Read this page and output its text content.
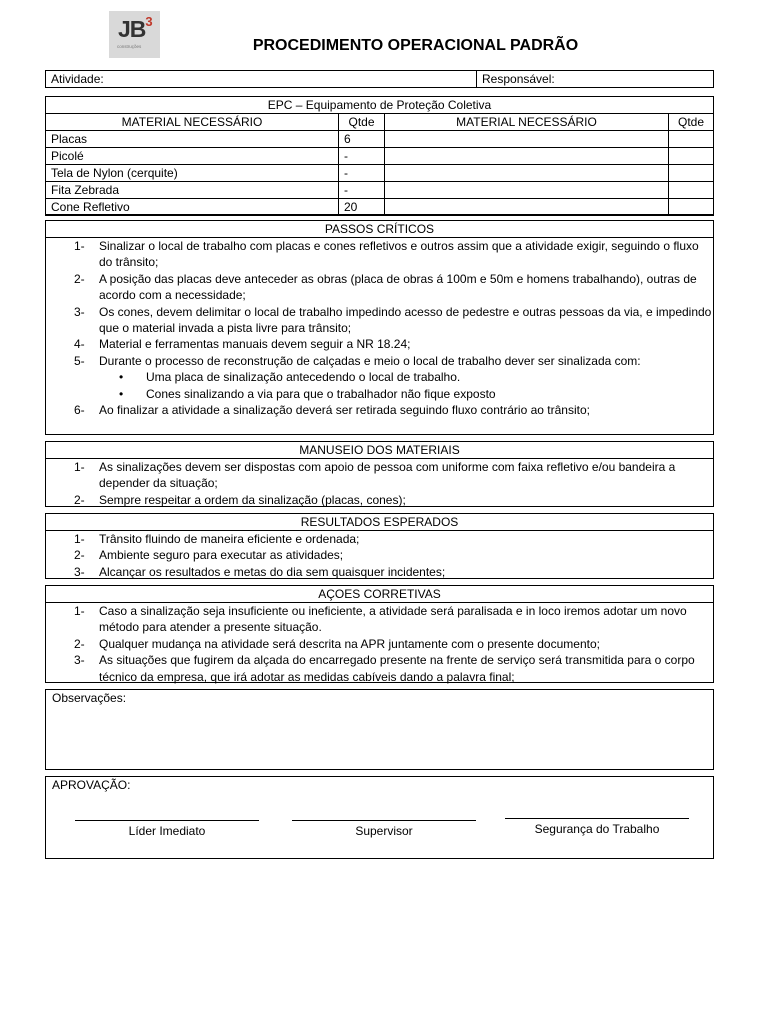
$JB^3$
construções	PROCEDIMENTO OPERACIONAL PADRÃO
Atividade:	Responsável:
EPC – Equipamento de Proteção Coletiva
MATERIAL NECESSÁRIO	Qtde	MATERIAL NECESSÁRIO	Qtde
Placas	6		
Picolé	-		
Tela de Nylon (cerquite)	-		
Fita Zebrada	-		
Cone Refletivo	20		
PASSOS CRÍTICOS
1- Sinalizar o local de trabalho com placas e cones refletivos e outros assim que a atividade exigir, seguindo o fluxo do trânsito;
2- A posição das placas deve anteceder as obras (placa de obras á 100m e 50m e homens trabalhando), outras de acordo com a necessidade;
3- Os cones, devem delimitar o local de trabalho impedindo acesso de pedestre e outras pessoas da via, e impedindo que o material invada a pista livre para trânsito;
4- Material e ferramentas manuais devem seguir a NR 18.24;
5- Durante o processo de reconstrução de calçadas e meio o local de trabalho dever ser sinalizada com:
• Uma placa de sinalização antecedendo o local de trabalho.
• Cones sinalizando a via para que o trabalhador não fique exposto
6- Ao finalizar a atividade a sinalização deverá ser retirada seguindo fluxo contrário ao trânsito;
MANUSEIO DOS MATERIAIS
1- As sinalizações devem ser dispostas com apoio de pessoa com uniforme com faixa refletivo e/ou bandeira a depender da situação;
2- Sempre respeitar a ordem da sinalização (placas, cones);
RESULTADOS ESPERADOS
1- Trânsito fluindo de maneira eficiente e ordenada;
2- Ambiente seguro para executar as atividades;
3- Alcançar os resultados e metas do dia sem quaisquer incidentes;
AÇOES CORRETIVAS
1- Caso a sinalização seja insuficiente ou ineficiente, a atividade será paralisada e in loco iremos adotar um novo método para atender a presente situação.
2- Qualquer mudança na atividade será descrita na APR juntamente com o presente documento;
3- As situações que fugirem da alçada do encarregado presente na frente de serviço será transmitida para o corpo técnico da empresa, que irá adotar as medidas cabíveis dando a palavra final;
Observações:
APROVAÇÃO:
Líder Imediato	Supervisor	Segurança do Trabalho
